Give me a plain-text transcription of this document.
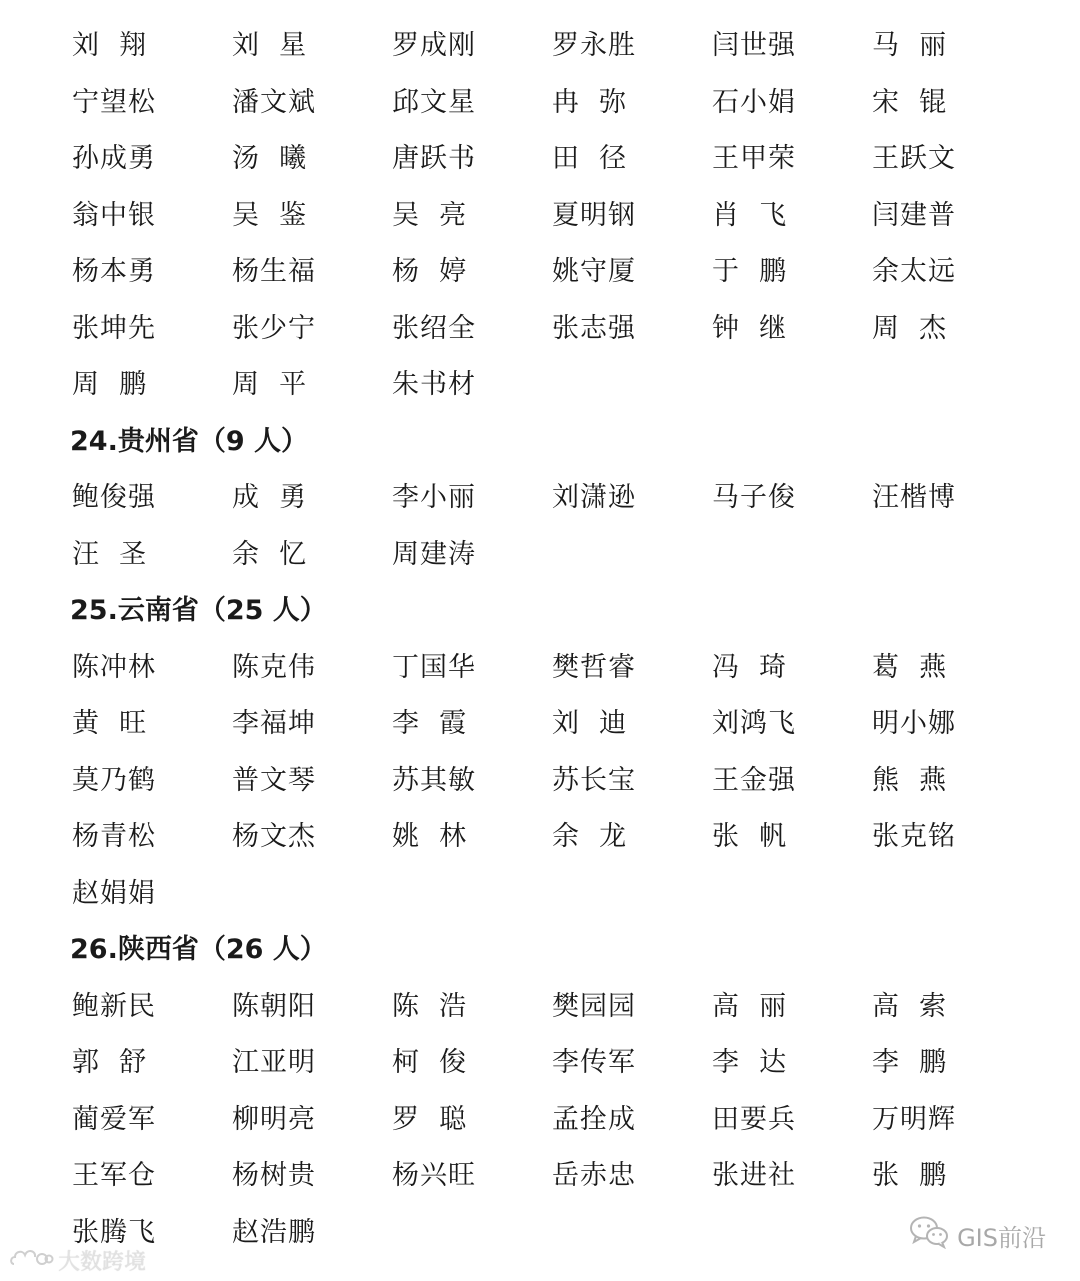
刘  翔	刘  星	罗成刚	罗永胜	闫世强	马  丽
宁望松	潘文斌	邱文星	冉  弥	石小娟	宋  锟
孙成勇	汤  曦	唐跃书	田  径	王甲荣	王跃文
翁中银	吴  鉴	吴  亮	夏明钢	肖  飞	闫建普
杨本勇	杨生福	杨  婷	姚守厦	于  鹏	余太远
张坤先	张少宁	张绍全	张志强	钟  继	周  杰
周  鹏	周  平	朱书材
24.贵州省（9 人）
鲍俊强	成  勇	李小丽	刘潇逊	马子俊	汪楷博
汪  圣	余  忆	周建涛
25.云南省（25 人）
陈冲林	陈克伟	丁国华	樊哲睿	冯  琦	葛  燕
黄  旺	李福坤	李  霞	刘  迪	刘鸿飞	明小娜
莫乃鹤	普文琴	苏其敏	苏长宝	王金强	熊  燕
杨青松	杨文杰	姚  林	余  龙	张  帆	张克铭
赵娟娟
26.陕西省（26 人）
鲍新民	陈朝阳	陈  浩	樊园园	高  丽	高  索
郭  舒	江亚明	柯  俊	李传军	李  达	李  鹏
蔺爱军	柳明亮	罗  聪	孟拴成	田要兵	万明辉
王军仓	杨树贵	杨兴旺	岳赤忠	张进社	张  鹏
张腾飞	赵浩鹏	GIS前沿
大数跨境
